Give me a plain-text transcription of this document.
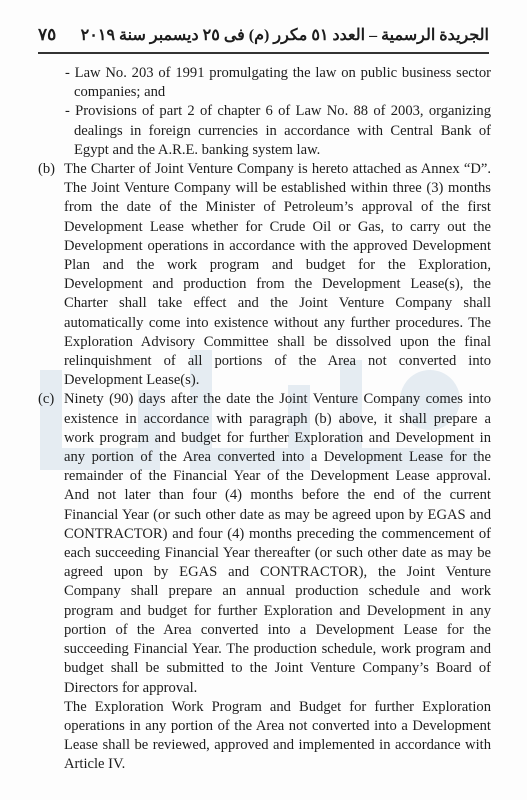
٧٥ الجريدة الرسمية – العدد ٥١ مكرر (م) فى ٢٥ ديسمبر سنة ٢٠١٩

- Law No. 203 of 1991 promulgating the law on public business sector companies; and

- Provisions of part 2 of chapter 6 of Law No. 88 of 2003, organizing dealings in foreign currencies in accordance with Central Bank of Egypt and the A.R.E. banking system law.

(b) The Charter of Joint Venture Company is hereto attached as Annex “D”. The Joint Venture Company will be established within three (3) months from the date of the Minister of Petroleum’s approval of the first Development Lease whether for Crude Oil or Gas, to carry out the Development operations in accordance with the approved Development Plan and the work program and budget for the Exploration, Development and production from the Development Lease(s), the Charter shall take effect and the Joint Venture Company shall automatically come into existence without any further procedures. The Exploration Advisory Committee shall be dissolved upon the final relinquishment of all portions of the Area not converted into Development Lease(s).

(c) Ninety (90) days after the date the Joint Venture Company comes into existence in accordance with paragraph (b) above, it shall prepare a work program and budget for further Exploration and Development in any portion of the Area converted into a Development Lease for the remainder of the Financial Year of the Development Lease approval. And not later than four (4) months before the end of the current Financial Year (or such other date as may be agreed upon by EGAS and CONTRACTOR) and four (4) months preceding the commencement of each succeeding Financial Year thereafter (or such other date as may be agreed upon by EGAS and CONTRACTOR), the Joint Venture Company shall prepare an annual production schedule and work program and budget for further Exploration and Development in any portion of the Area converted into a Development Lease for the succeeding Financial Year. The production schedule, work program and budget shall be submitted to the Joint Venture Company’s Board of Directors for approval.

The Exploration Work Program and Budget for further Exploration operations in any portion of the Area not converted into a Development Lease shall be reviewed, approved and implemented in accordance with Article IV.
